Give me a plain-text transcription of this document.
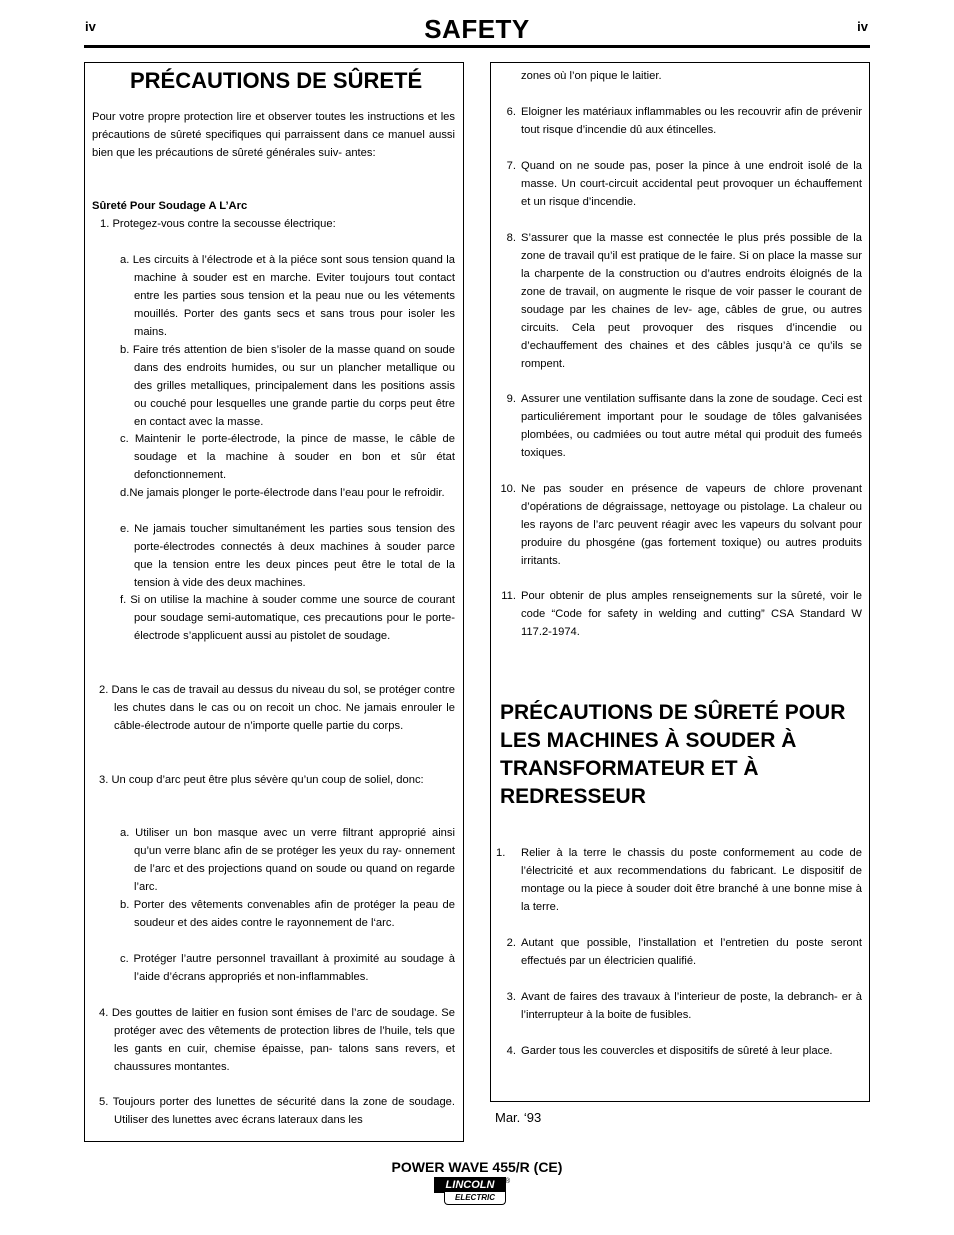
iv	SAFETY	iv
PRÉCAUTIONS DE SÛRETÉ

Pour votre propre protection lire et observer toutes les instructions et les précautions de sûreté specifiques qui parraissent dans ce manuel aussi bien que les précautions de sûreté générales suiv- antes:

Sûreté Pour Soudage A L’Arc

1. Protegez-vous contre la secousse électrique:

a. Les circuits à l’électrode et à la piéce sont sous tension quand la machine à souder est en marche. Eviter toujours tout contact entre les parties sous tension et la peau nue ou les vétements mouillés. Porter des gants secs et sans trous pour isoler les mains.

b. Faire trés attention de bien s’isoler de la masse quand on soude dans des endroits humides, ou sur un plancher metallique ou des grilles metalliques, principalement dans les positions assis ou couché pour lesquelles une grande partie du corps peut être en contact avec la masse.

c. Maintenir le porte-électrode, la pince de masse, le câble de soudage et la machine à souder en bon et sûr état defonctionnement.

d.Ne jamais plonger le porte-électrode dans l’eau pour le refroidir.

e. Ne jamais toucher simultanément les parties sous tension des porte-électrodes connectés à deux machines à souder parce que la tension entre les deux pinces peut être le total de la tension à vide des deux machines.

f. Si on utilise la machine à souder comme une source de courant pour soudage semi-automatique, ces precautions pour le porte-électrode s’applicuent aussi au pistolet de soudage.

2. Dans le cas de travail au dessus du niveau du sol, se protéger contre les chutes dans le cas ou on recoit un choc. Ne jamais enrouler le câble-électrode autour de n’importe quelle partie du corps.

3. Un coup d’arc peut être plus sévère qu’un coup de soliel, donc:

a. Utiliser un bon masque avec un verre filtrant approprié ainsi qu’un verre blanc afin de se protéger les yeux du ray- onnement de l’arc et des projections quand on soude ou quand on regarde l’arc.

b. Porter des vêtements convenables afin de protéger la peau de soudeur et des aides contre le rayonnement de l‘arc.

c. Protéger l’autre personnel travaillant à proximité au soudage à l’aide d’écrans appropriés et non-inflammables.

4. Des gouttes de laitier en fusion sont émises de l’arc de soudage. Se protéger avec des vêtements de protection libres de l’huile, tels que les gants en cuir, chemise épaisse, pan- talons sans revers, et chaussures montantes.

5. Toujours porter des lunettes de sécurité dans la zone de soudage. Utiliser des lunettes avec écrans lateraux dans les

zones où l’on pique le laitier.

6. Eloigner les matériaux inflammables ou les recouvrir afin de prévenir tout risque d’incendie dû aux étincelles.

7. Quand on ne soude pas, poser la pince à une endroit isolé de la masse. Un court-circuit accidental peut provoquer un échauffement et un risque d’incendie.

8. S’assurer que la masse est connectée le plus prés possible de la zone de travail qu’il est pratique de le faire. Si on place la masse sur la charpente de la construction ou d’autres endroits éloignés de la zone de travail, on augmente le risque de voir passer le courant de soudage par les chaines de lev- age, câbles de grue, ou autres circuits. Cela peut provoquer des risques d’incendie ou d’echauffement des chaines et des câbles jusqu’à ce qu’ils se rompent.

9. Assurer une ventilation suffisante dans la zone de soudage. Ceci est particuliérement important pour le soudage de tôles galvanisées plombées, ou cadmiées ou tout autre métal qui produit des fumeés toxiques.

10. Ne pas souder en présence de vapeurs de chlore provenant d’opérations de dégraissage, nettoyage ou pistolage. La chaleur ou les rayons de l’arc peuvent réagir avec les vapeurs du solvant pour produire du phosgéne (gas fortement toxique) ou autres produits irritants.

11. Pour obtenir de plus amples renseignements sur la sûreté, voir le code “Code for safety in welding and cutting” CSA Standard W 117.2-1974.

PRÉCAUTIONS DE SÛRETÉ POUR
LES MACHINES À SOUDER À
TRANSFORMATEUR ET À
REDRESSEUR

1.	Relier à la terre le chassis du poste conformement au code de l’électricité et aux recommendations du fabricant. Le dispositif de montage ou la piece à souder doit être branché à une bonne mise à la terre.

2. Autant que possible, l’installation et l’entretien du poste seront effectués par un électricien qualifié.

3. Avant de faires des travaux à l’interieur de poste, la debranch- er à l’interrupteur à la boite de fusibles.

4. Garder tous les couvercles et dispositifs de sûreté à leur place.

Mar. ‘93
POWER WAVE 455/R (CE)
LINCOLN
ELECTRIC
®
